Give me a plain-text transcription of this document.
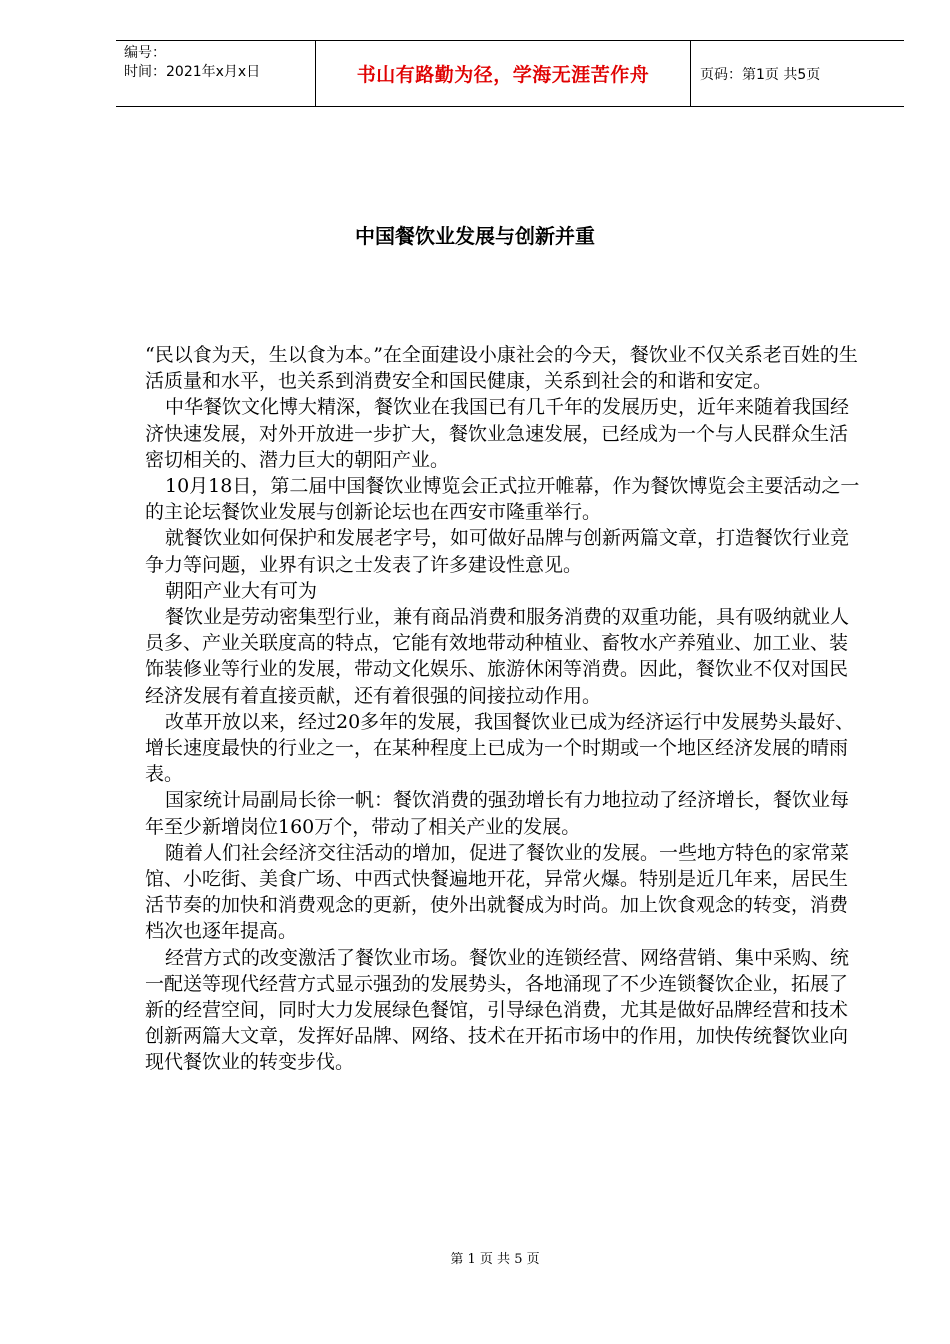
编号：
时间：2021年x月x日	书山有路勤为径，学海无涯苦作舟	页码：第1页 共5页
中国餐饮业发展与创新并重

“民以食为天，生以食为本。”在全面建设小康社会的今天，餐饮业不仅关系老百姓的生活质量和水平，也关系到消费安全和国民健康，关系到社会的和谐和安定。

中华餐饮文化博大精深，餐饮业在我国已有几千年的发展历史，近年来随着我国经济快速发展，对外开放进一步扩大，餐饮业急速发展，已经成为一个与人民群众生活密切相关的、潜力巨大的朝阳产业。

10月18日，第二届中国餐饮业博览会正式拉开帷幕，作为餐饮博览会主要活动之一的主论坛餐饮业发展与创新论坛也在西安市隆重举行。

就餐饮业如何保护和发展老字号，如可做好品牌与创新两篇文章，打造餐饮行业竞争力等问题，业界有识之士发表了许多建设性意见。

朝阳产业大有可为

餐饮业是劳动密集型行业，兼有商品消费和服务消费的双重功能，具有吸纳就业人员多、产业关联度高的特点，它能有效地带动种植业、畜牧水产养殖业、加工业、装饰装修业等行业的发展，带动文化娱乐、旅游休闲等消费。因此，餐饮业不仅对国民经济发展有着直接贡献，还有着很强的间接拉动作用。

改革开放以来，经过20多年的发展，我国餐饮业已成为经济运行中发展势头最好、增长速度最快的行业之一，在某种程度上已成为一个时期或一个地区经济发展的晴雨表。

国家统计局副局长徐一帆：餐饮消费的强劲增长有力地拉动了经济增长，餐饮业每年至少新增岗位160万个，带动了相关产业的发展。

随着人们社会经济交往活动的增加，促进了餐饮业的发展。一些地方特色的家常菜馆、小吃街、美食广场、中西式快餐遍地开花，异常火爆。特别是近几年来，居民生活节奏的加快和消费观念的更新，使外出就餐成为时尚。加上饮食观念的转变，消费档次也逐年提高。

经营方式的改变激活了餐饮业市场。餐饮业的连锁经营、网络营销、集中采购、统一配送等现代经营方式显示强劲的发展势头，各地涌现了不少连锁餐饮企业，拓展了新的经营空间，同时大力发展绿色餐馆，引导绿色消费，尤其是做好品牌经营和技术创新两篇大文章，发挥好品牌、网络、技术在开拓市场中的作用，加快传统餐饮业向现代餐饮业的转变步伐。

第 1 页 共 5 页
